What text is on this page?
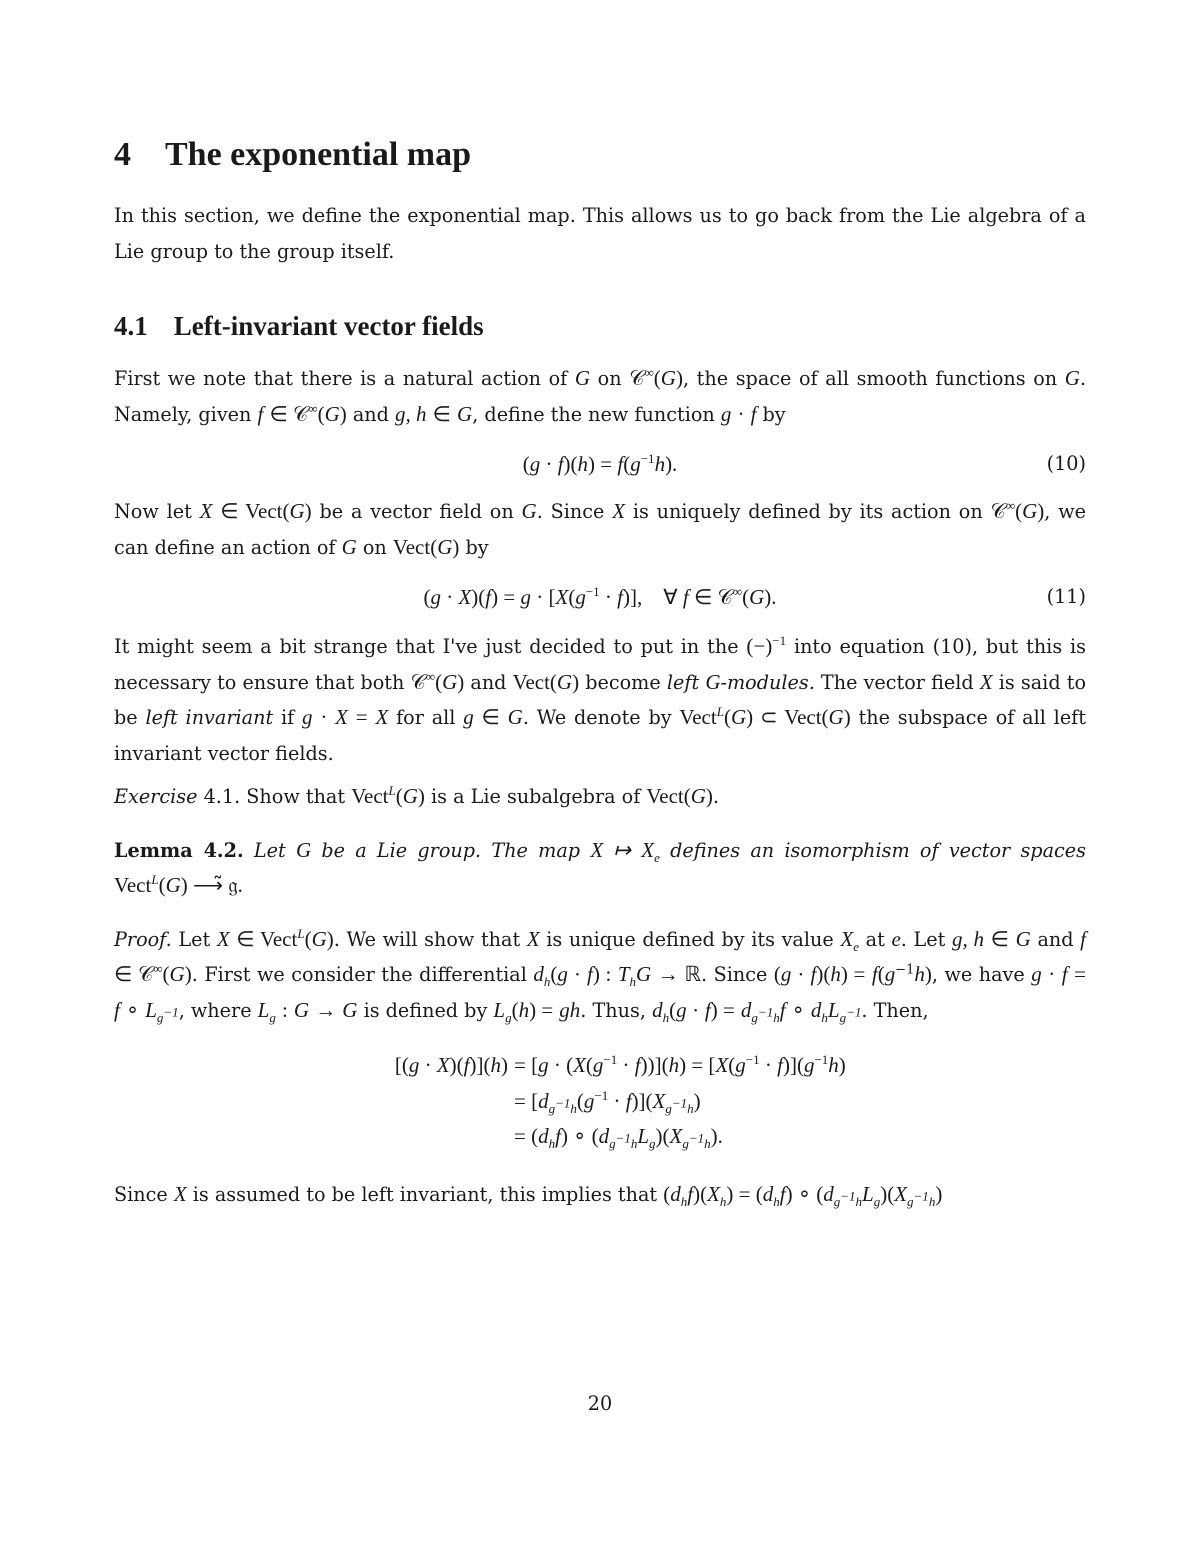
4 The exponential map

In this section, we define the exponential map. This allows us to go back from the Lie algebra of a Lie group to the group itself.

4.1 Left-invariant vector fields

First we note that there is a natural action of G on 𝒞∞(G), the space of all smooth functions on G. Namely, given f ∈ 𝒞∞(G) and g, h ∈ G, define the new function g · f by

$(g \cdot f)(h) = f(g^{-1}h)$.	(10)

Now let X ∈ Vect(G) be a vector field on G. Since X is uniquely defined by its action on 𝒞∞(G), we can define an action of G on Vect(G) by

$(g \cdot X)(f) = g \cdot [X(g^{-1} \cdot f)]$,    ∀ f ∈ 𝒞∞(G).	(11)

It might seem a bit strange that I've just decided to put in the $(-)^{-1}$ into equation (10), but this is necessary to ensure that both 𝒞∞(G) and Vect(G) become left G-modules. The vector field X is said to be left invariant if g · X = X for all g ∈ G. We denote by Vect$^L$(G) ⊂ Vect(G) the subspace of all left invariant vector fields.

Exercise 4.1. Show that Vect$^L$(G) is a Lie subalgebra of Vect(G).

Lemma 4.2. Let G be a Lie group. The map X ↦ $X_e$ defines an isomorphism of vector spaces Vect$^L$(G) ⟶̃ 𝔤.

Proof. Let X ∈ Vect$^L$(G). We will show that X is unique defined by its value $X_e$ at e. Let g, h ∈ G and f ∈ 𝒞∞(G). First we consider the differential $d_h(g \cdot f)$ : $T_hG$ → ℝ. Since $(g \cdot f)(h) = f(g^{-1}h)$, we have g · f = f ∘ $L_{g^{-1}}$, where $L_g$ : G → G is defined by $L_g(h)$ = gh. Thus, $d_h(g \cdot f) = d_{g^{-1}h}f$ ∘ $d_hL_{g^{-1}}$. Then,

$[(g \cdot X)(f)](h) = [g \cdot (X(g^{-1} \cdot f))](h) = [X(g^{-1} \cdot f)](g^{-1}h)$
= $[d_{g^{-1}h}(g^{-1} \cdot f)](X_{g^{-1}h})$
= $(d_hf)$ ∘ $(d_{g^{-1}h}L_g)(X_{g^{-1}h})$.

Since X is assumed to be left invariant, this implies that $(d_hf)(X_h) = (d_hf)$ ∘ $(d_{g^{-1}h}L_g)(X_{g^{-1}h})$

20
